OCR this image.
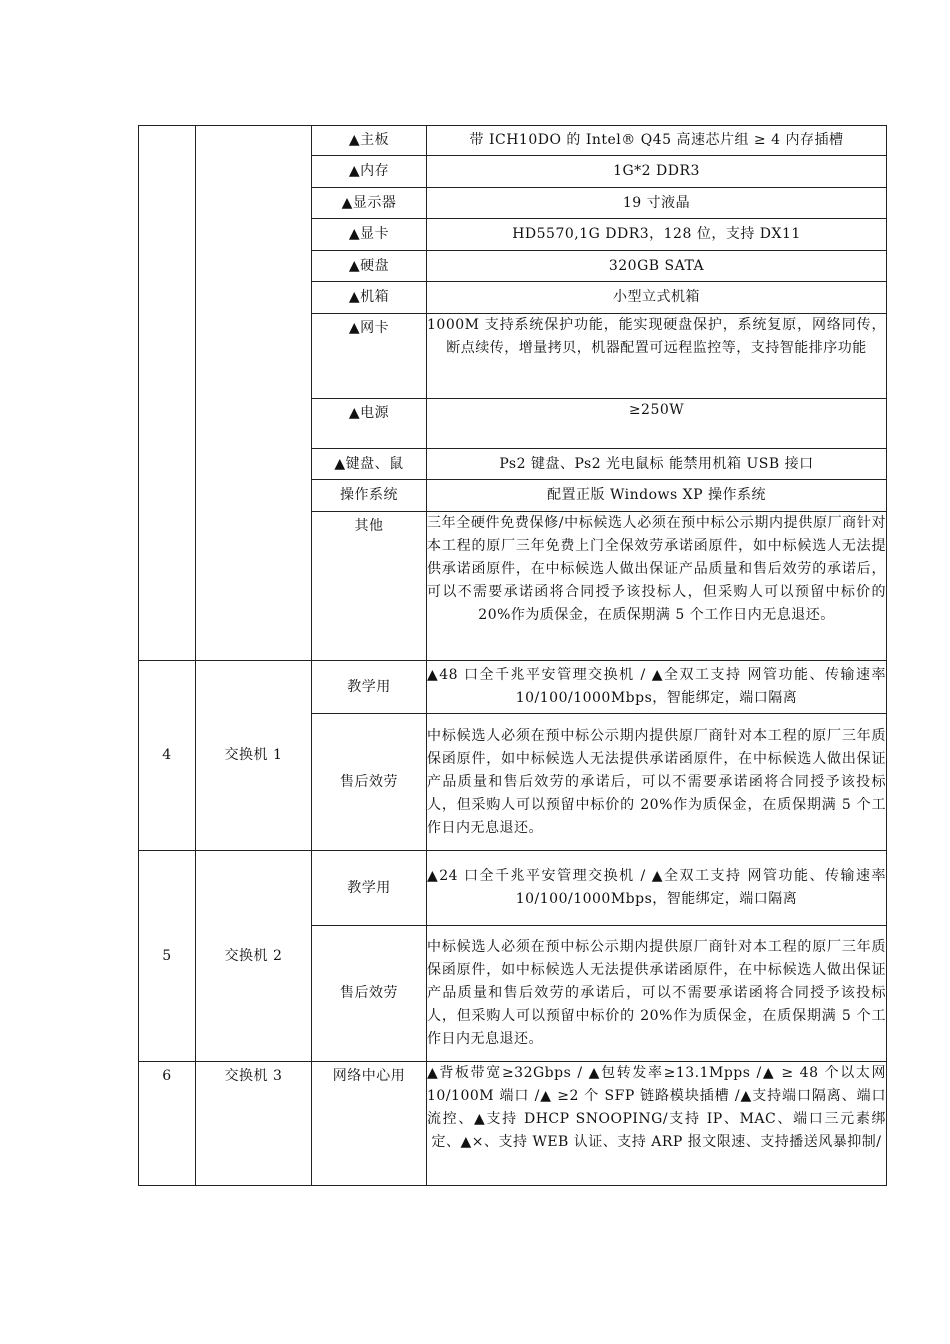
		▲主板	带 ICH10DO 的 Intel® Q45 高速芯片组 ≥ 4 内存插槽
		▲内存	1G*2 DDR3
		▲显示器	19 寸液晶
		▲显卡	HD5570,1G DDR3，128 位，支持 DX11
		▲硬盘	320GB SATA
		▲机箱	小型立式机箱
		▲网卡	1000M 支持系统保护功能，能实现硬盘保护，系统复原，网络同传，断点续传，增量拷贝，机器配置可远程监控等，支持智能排序功能
		▲电源	≥250W
		▲键盘、鼠	Ps2 键盘、Ps2 光电鼠标 能禁用机箱 USB 接口
		操作系统	配置正版 Windows XP 操作系统
		其他	三年全硬件免费保修/中标候选人必须在预中标公示期内提供原厂商针对本工程的原厂三年免费上门全保效劳承诺函原件，如中标候选人无法提供承诺函原件，在中标候选人做出保证产品质量和售后效劳的承诺后，可以不需要承诺函将合同授予该投标人，但采购人可以预留中标价的 20%作为质保金，在质保期满 5 个工作日内无息退还。
4	交换机 1	教学用	▲48 口全千兆平安管理交换机 / ▲全双工支持 网管功能、传输速率 10/100/1000Mbps，智能绑定，端口隔离
		售后效劳	中标候选人必须在预中标公示期内提供原厂商针对本工程的原厂三年质保函原件，如中标候选人无法提供承诺函原件，在中标候选人做出保证产品质量和售后效劳的承诺后，可以不需要承诺函将合同授予该投标人，但采购人可以预留中标价的 20%作为质保金，在质保期满 5 个工作日内无息退还。
5	交换机 2	教学用	▲24 口全千兆平安管理交换机 / ▲全双工支持 网管功能、传输速率 10/100/1000Mbps，智能绑定，端口隔离
		售后效劳	中标候选人必须在预中标公示期内提供原厂商针对本工程的原厂三年质保函原件，如中标候选人无法提供承诺函原件，在中标候选人做出保证产品质量和售后效劳的承诺后，可以不需要承诺函将合同授予该投标人，但采购人可以预留中标价的 20%作为质保金，在质保期满 5 个工作日内无息退还。
6	交换机 3	网络中心用	▲背板带宽≥32Gbps / ▲包转发率≥13.1Mpps /▲ ≥ 48 个以太网 10/100M 端口 /▲ ≥2 个 SFP 链路模块插槽 /▲支持端口隔离、端口流控、▲支持 DHCP SNOOPING/支持 IP、MAC、端口三元素绑定、▲×、支持 WEB 认证、支持 ARP 报文限速、支持播送风暴抑制/
